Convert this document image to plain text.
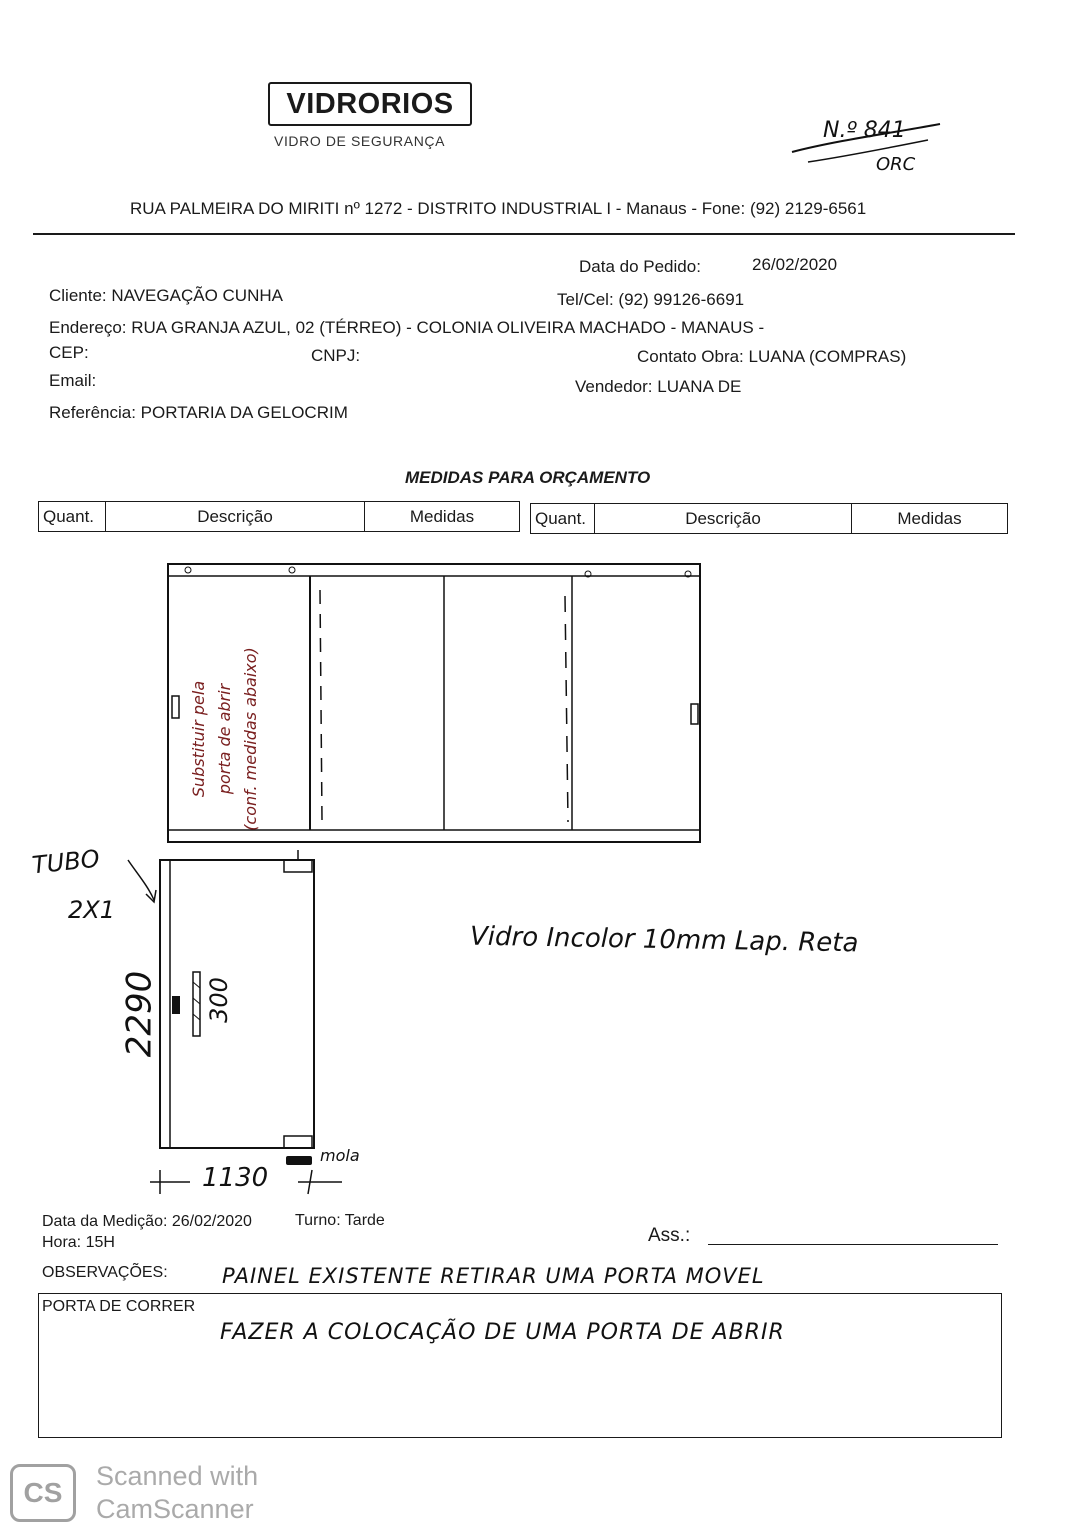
VIDRORIOS
VIDRO DE SEGURANÇA	N.º 841
ORC
RUA PALMEIRA DO MIRITI nº 1272 - DISTRITO INDUSTRIAL I - Manaus - Fone: (92) 2129-6561
Data do Pedido:	26/02/2020
Cliente: NAVEGAÇÃO CUNHA	Tel/Cel: (92) 99126-6691
Endereço: RUA GRANJA AZUL, 02 (TÉRREO) - COLONIA OLIVEIRA MACHADO - MANAUS -
CEP:	CNPJ:	Contato Obra: LUANA (COMPRAS)
Email:	Vendedor: LUANA DE
Referência: PORTARIA DA GELOCRIM
MEDIDAS PARA ORÇAMENTO
Quant.	Descrição	Medidas	Quant.	Descrição	Medidas
Substituir pela porta de abrir (conf. medidas abaixo)
TUBO
2X1
2290 300
mola
1130
Vidro Incolor 10mm Lap. Reta
Data da Medição: 26/02/2020	Turno: Tarde
Hora: 15H	Ass.:
OBSERVAÇÕES:	PAINEL EXISTENTE RETIRAR UMA PORTA MOVEL
PORTA DE CORRER
FAZER A COLOCAÇÃO DE UMA PORTA DE ABRIR
CS
Scanned with
CamScanner
